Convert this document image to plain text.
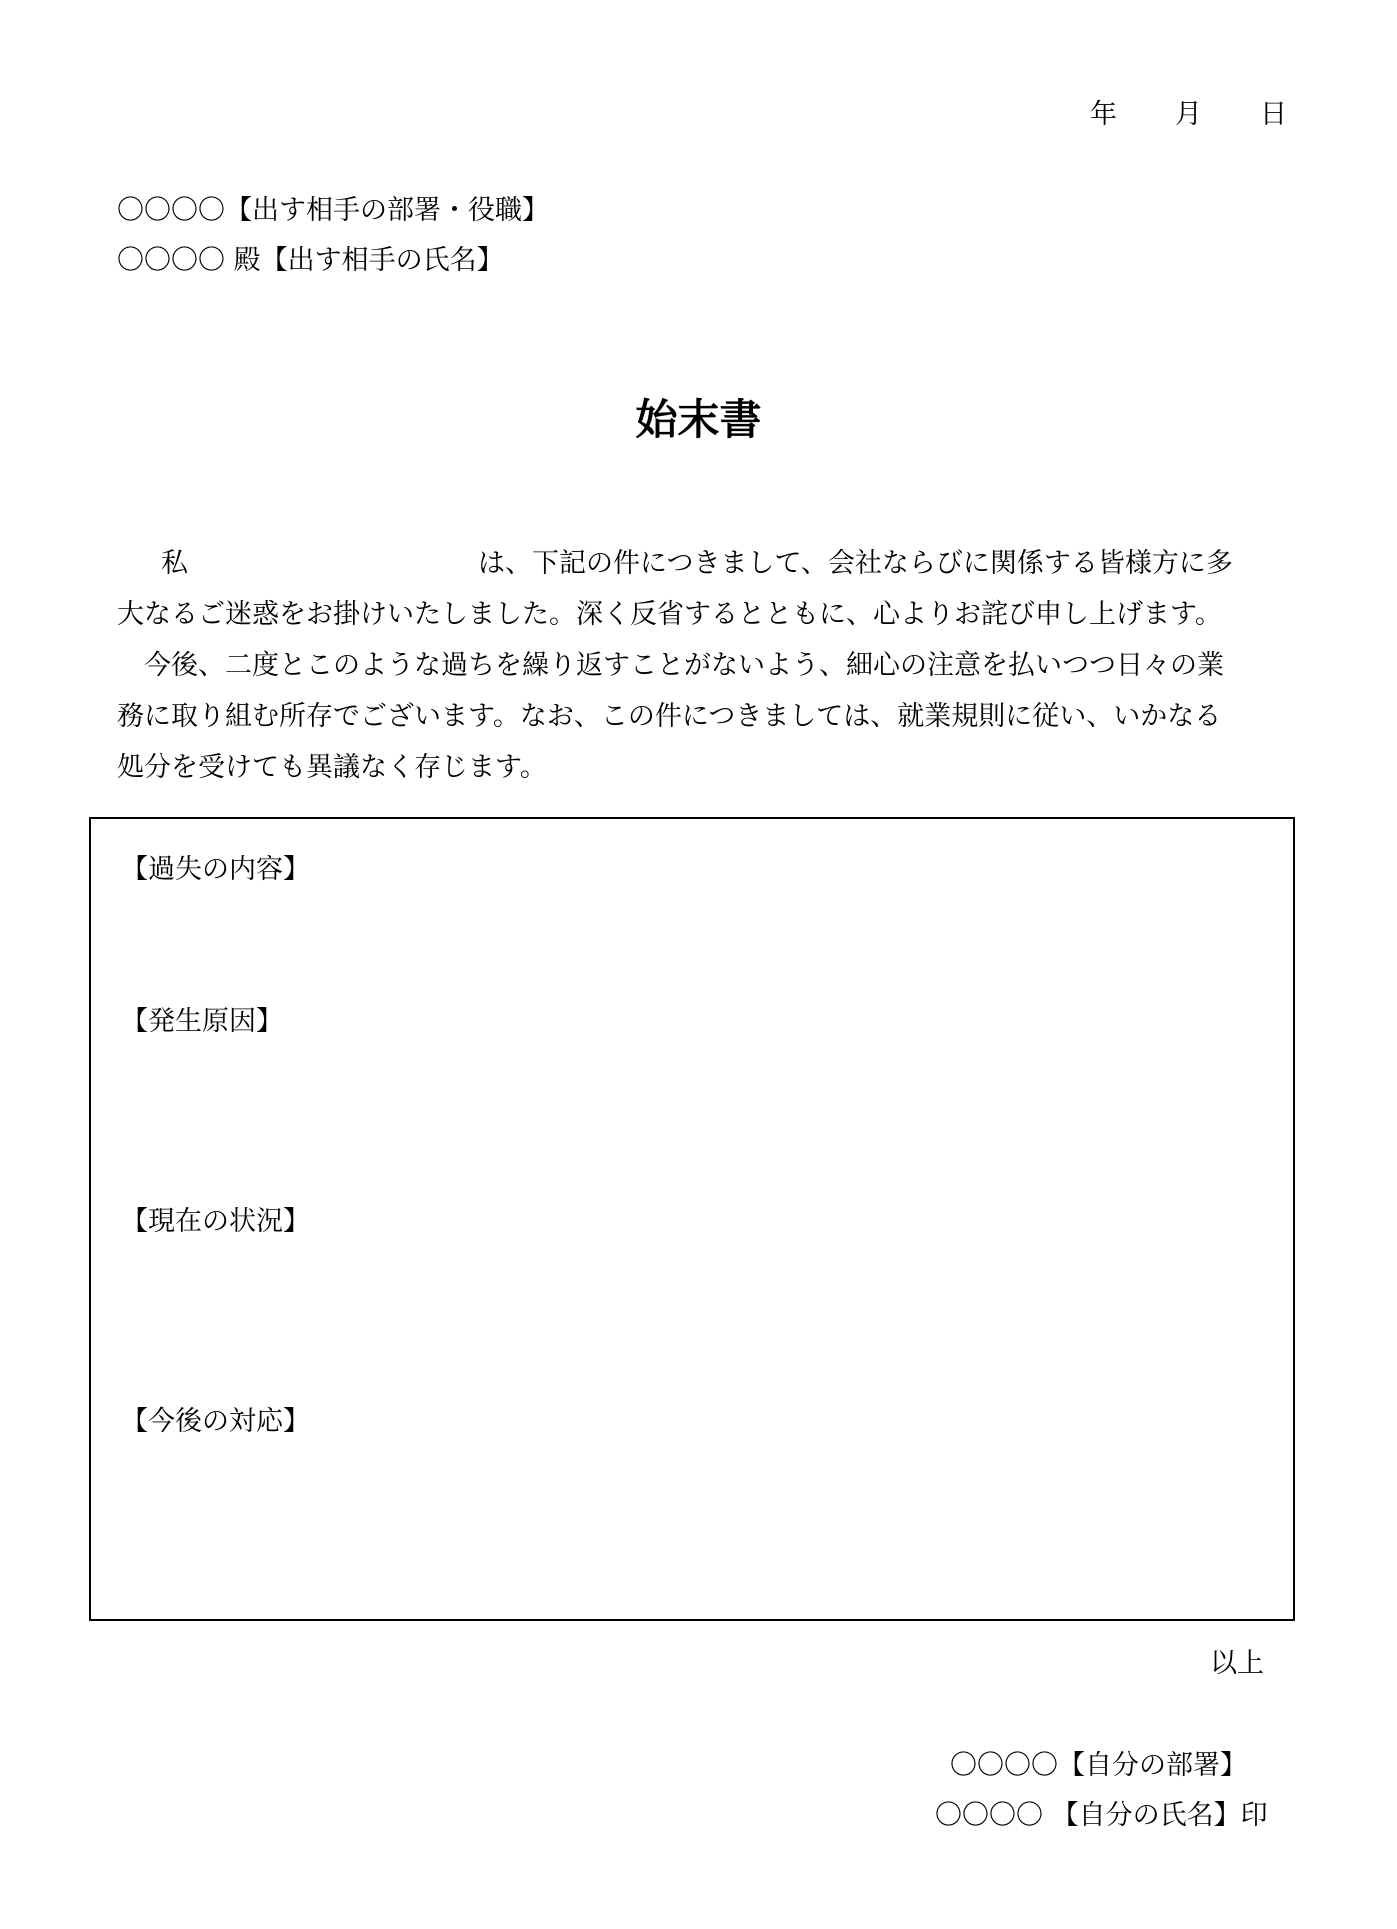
年 月 日
〇〇〇〇【出す相手の部署・役職】
〇〇〇〇 殿【出す相手の氏名】
始末書
私	は、下記の件につきまして、会社ならびに関係する皆様方に多
大なるご迷惑をお掛けいたしました。深く反省するとともに、心よりお詫び申し上げます。
今後、二度とこのような過ちを繰り返すことがないよう、細心の注意を払いつつ日々の業
務に取り組む所存でございます。なお、この件につきましては、就業規則に従い、いかなる
処分を受けても異議なく存じます。
【過失の内容】
【発生原因】
【現在の状況】
【今後の対応】
以上
〇〇〇〇【自分の部署】
〇〇〇〇 【自分の氏名】印
